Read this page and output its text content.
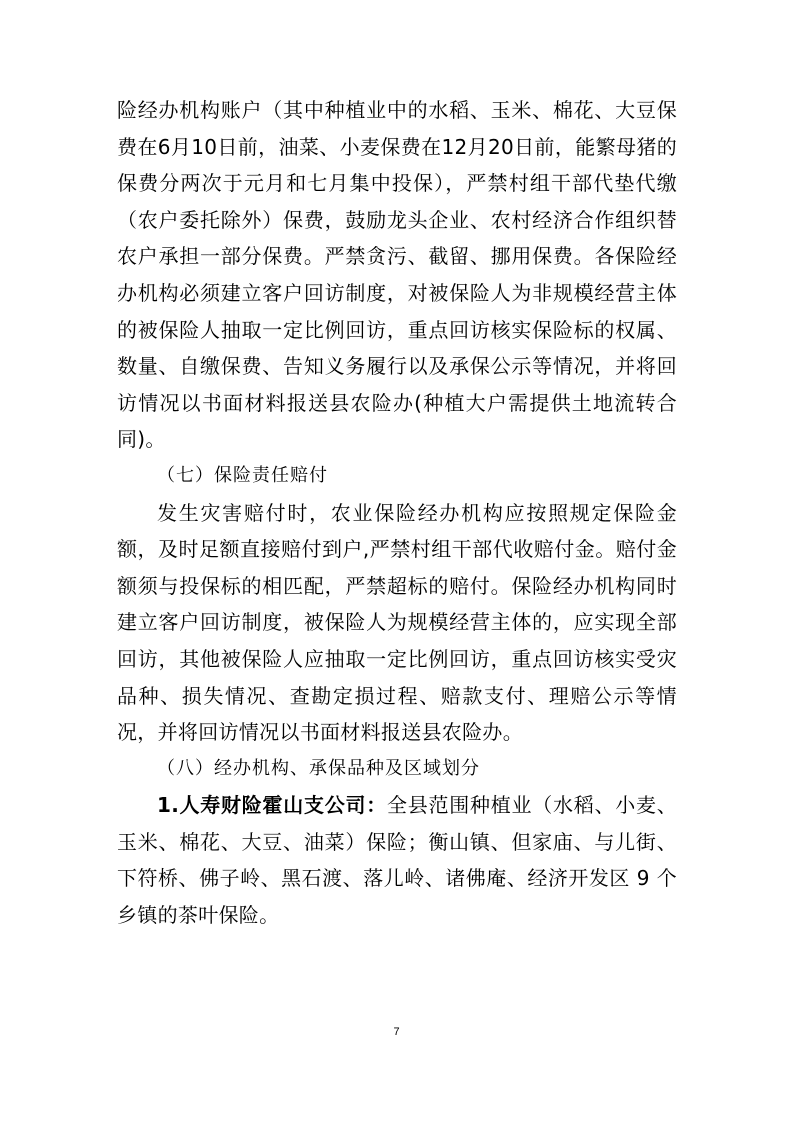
险经办机构账户（其中种植业中的水稻、玉米、棉花、大豆保费在6月10日前，油菜、小麦保费在12月20日前，能繁母猪的保费分两次于元月和七月集中投保），严禁村组干部代垫代缴（农户委托除外）保费，鼓励龙头企业、农村经济合作组织替农户承担一部分保费。严禁贪污、截留、挪用保费。各保险经办机构必须建立客户回访制度，对被保险人为非规模经营主体的被保险人抽取一定比例回访，重点回访核实保险标的权属、数量、自缴保费、告知义务履行以及承保公示等情况，并将回访情况以书面材料报送县农险办(种植大户需提供土地流转合同)。

（七）保险责任赔付

发生灾害赔付时，农业保险经办机构应按照规定保险金额，及时足额直接赔付到户,严禁村组干部代收赔付金。赔付金额须与投保标的相匹配，严禁超标的赔付。保险经办机构同时建立客户回访制度，被保险人为规模经营主体的，应实现全部回访，其他被保险人应抽取一定比例回访，重点回访核实受灾品种、损失情况、查勘定损过程、赔款支付、理赔公示等情况，并将回访情况以书面材料报送县农险办。

（八）经办机构、承保品种及区域划分

1.人寿财险霍山支公司：全县范围种植业（水稻、小麦、玉米、棉花、大豆、油菜）保险；衡山镇、但家庙、与儿街、下符桥、佛子岭、黑石渡、落儿岭、诸佛庵、经济开发区 9 个乡镇的茶叶保险。

7
